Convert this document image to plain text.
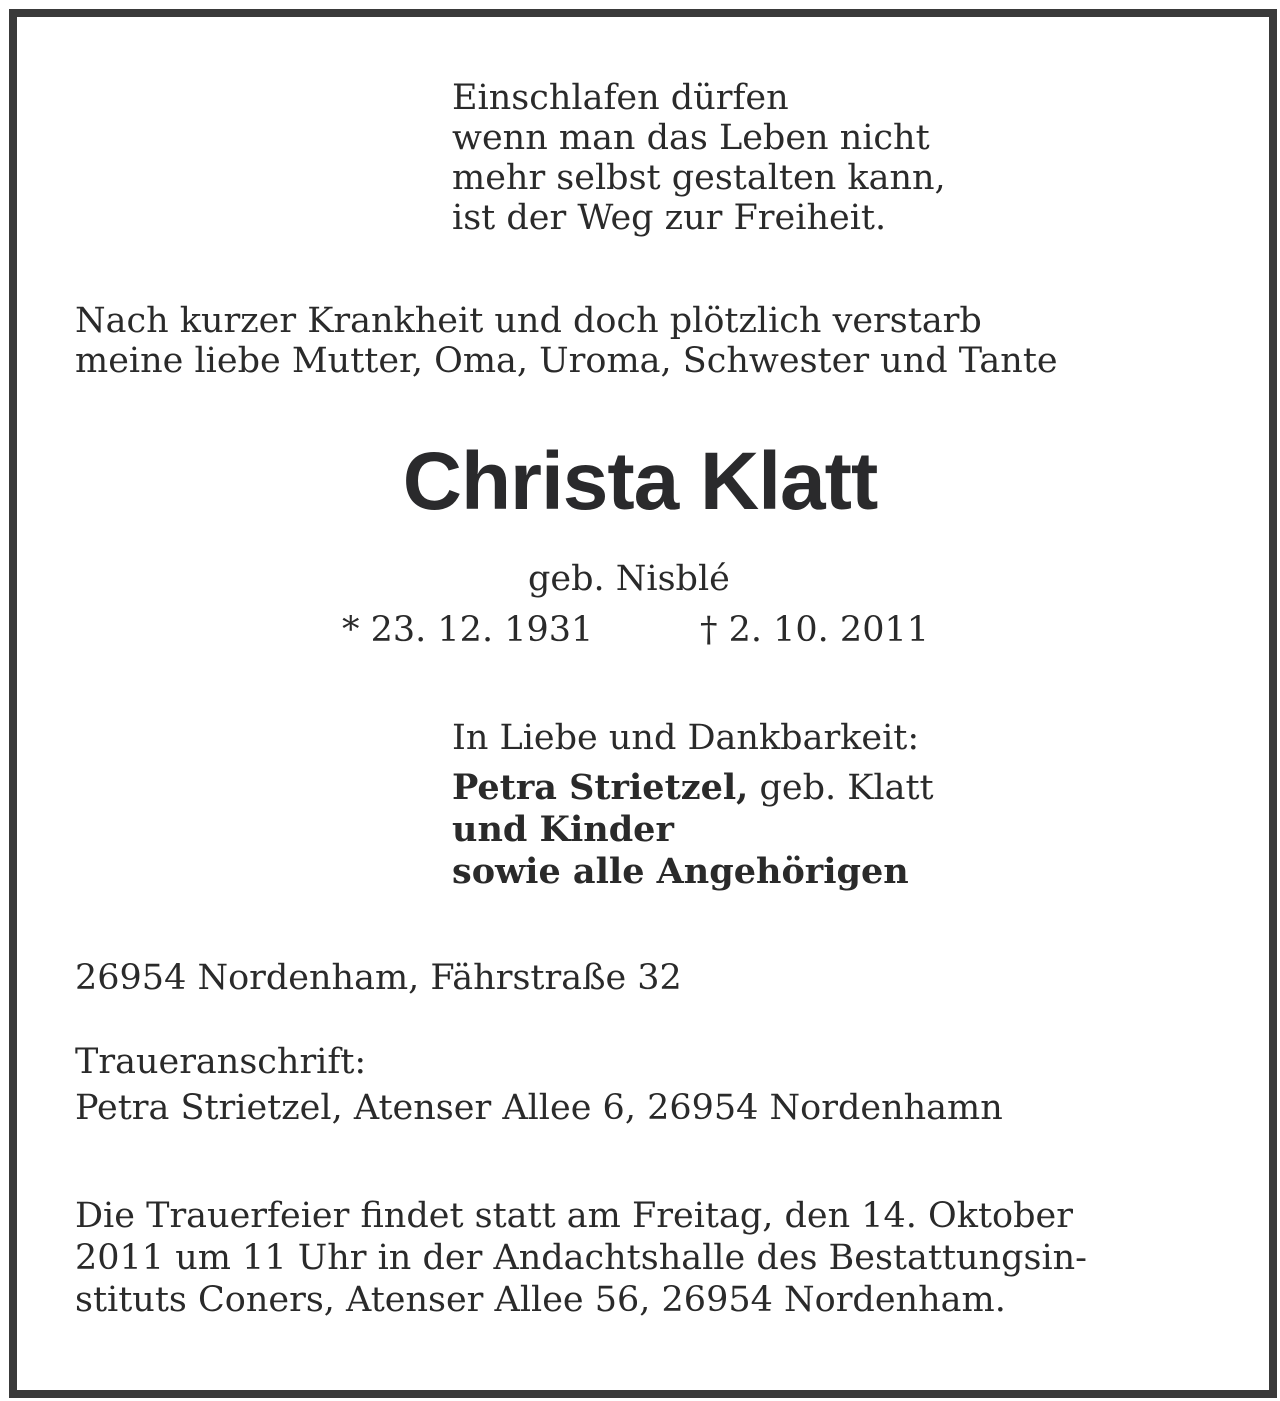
Einschlafen dürfen
wenn man das Leben nicht
mehr selbst gestalten kann,
ist der Weg zur Freiheit.
Nach kurzer Krankheit und doch plötzlich verstarb
meine liebe Mutter, Oma, Uroma, Schwester und Tante
Christa Klatt
geb. Nisblé
* 23. 12. 1931	† 2. 10. 2011
In Liebe und Dankbarkeit:
Petra Strietzel, geb. Klatt
und Kinder
sowie alle Angehörigen
26954 Nordenham, Fährstraße 32
Traueranschrift:
Petra Strietzel, Atenser Allee 6, 26954 Nordenhamn
Die Trauerfeier findet statt am Freitag, den 14. Oktober
2011 um 11 Uhr in der Andachtshalle des Bestattungsin-
stituts Coners, Atenser Allee 56, 26954 Nordenham.
